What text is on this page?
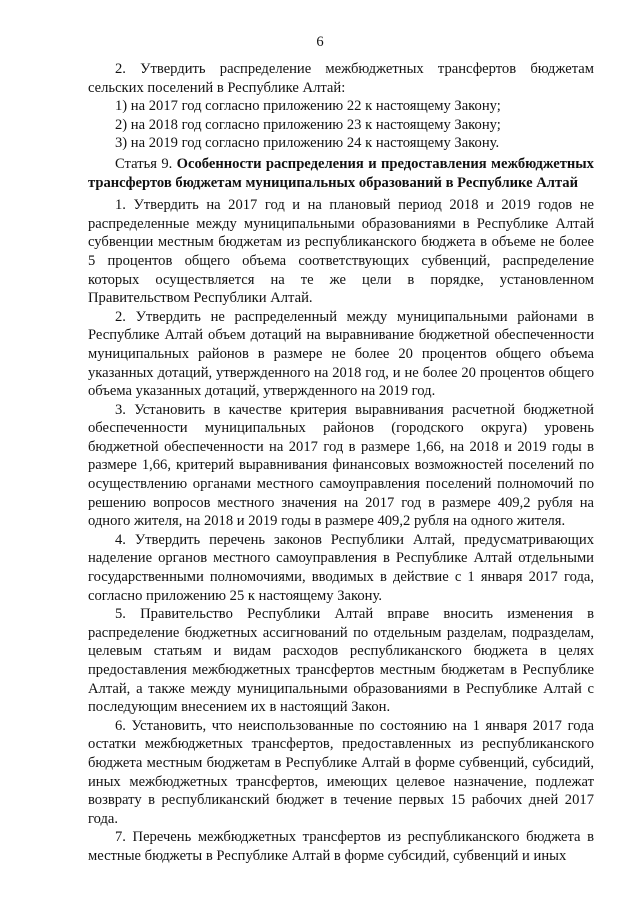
6

2. Утвердить распределение межбюджетных трансфертов бюджетам сельских поселений в Республике Алтай:

1) на 2017 год согласно приложению 22 к настоящему Закону;

2) на 2018 год согласно приложению 23 к настоящему Закону;

3) на 2019 год согласно приложению 24 к настоящему Закону.

Статья 9. Особенности распределения и предоставления межбюджетных трансфертов бюджетам муниципальных образований в Республике Алтай

1. Утвердить на 2017 год и на плановый период 2018 и 2019 годов не распределенные между муниципальными образованиями в Республике Алтай субвенции местным бюджетам из республиканского бюджета в объеме не более 5 процентов общего объема соответствующих субвенций, распределение которых осуществляется на те же цели в порядке, установленном Правительством Республики Алтай.

2. Утвердить не распределенный между муниципальными районами в Республике Алтай объем дотаций на выравнивание бюджетной обеспеченности муниципальных районов в размере не более 20 процентов общего объема указанных дотаций, утвержденного на 2018 год, и не более 20 процентов общего объема указанных дотаций, утвержденного на 2019 год.

3. Установить в качестве критерия выравнивания расчетной бюджетной обеспеченности муниципальных районов (городского округа) уровень бюджетной обеспеченности на 2017 год в размере 1,66, на 2018 и 2019 годы в размере 1,66, критерий выравнивания финансовых возможностей поселений по осуществлению органами местного самоуправления поселений полномочий по решению вопросов местного значения на 2017 год в размере 409,2 рубля на одного жителя, на 2018 и 2019 годы в размере 409,2 рубля на одного жителя.

4. Утвердить перечень законов Республики Алтай, предусматривающих наделение органов местного самоуправления в Республике Алтай отдельными государственными полномочиями, вводимых в действие с 1 января 2017 года, согласно приложению 25 к настоящему Закону.

5. Правительство Республики Алтай вправе вносить изменения в распределение бюджетных ассигнований по отдельным разделам, подразделам, целевым статьям и видам расходов республиканского бюджета в целях предоставления межбюджетных трансфертов местным бюджетам в Республике Алтай, а также между муниципальными образованиями в Республике Алтай с последующим внесением их в настоящий Закон.

6. Установить, что неиспользованные по состоянию на 1 января 2017 года остатки межбюджетных трансфертов, предоставленных из республиканского бюджета местным бюджетам в Республике Алтай в форме субвенций, субсидий, иных межбюджетных трансфертов, имеющих целевое назначение, подлежат возврату в республиканский бюджет в течение первых 15 рабочих дней 2017 года.

7. Перечень межбюджетных трансфертов из республиканского бюджета в местные бюджеты в Республике Алтай в форме субсидий, субвенций и иных
